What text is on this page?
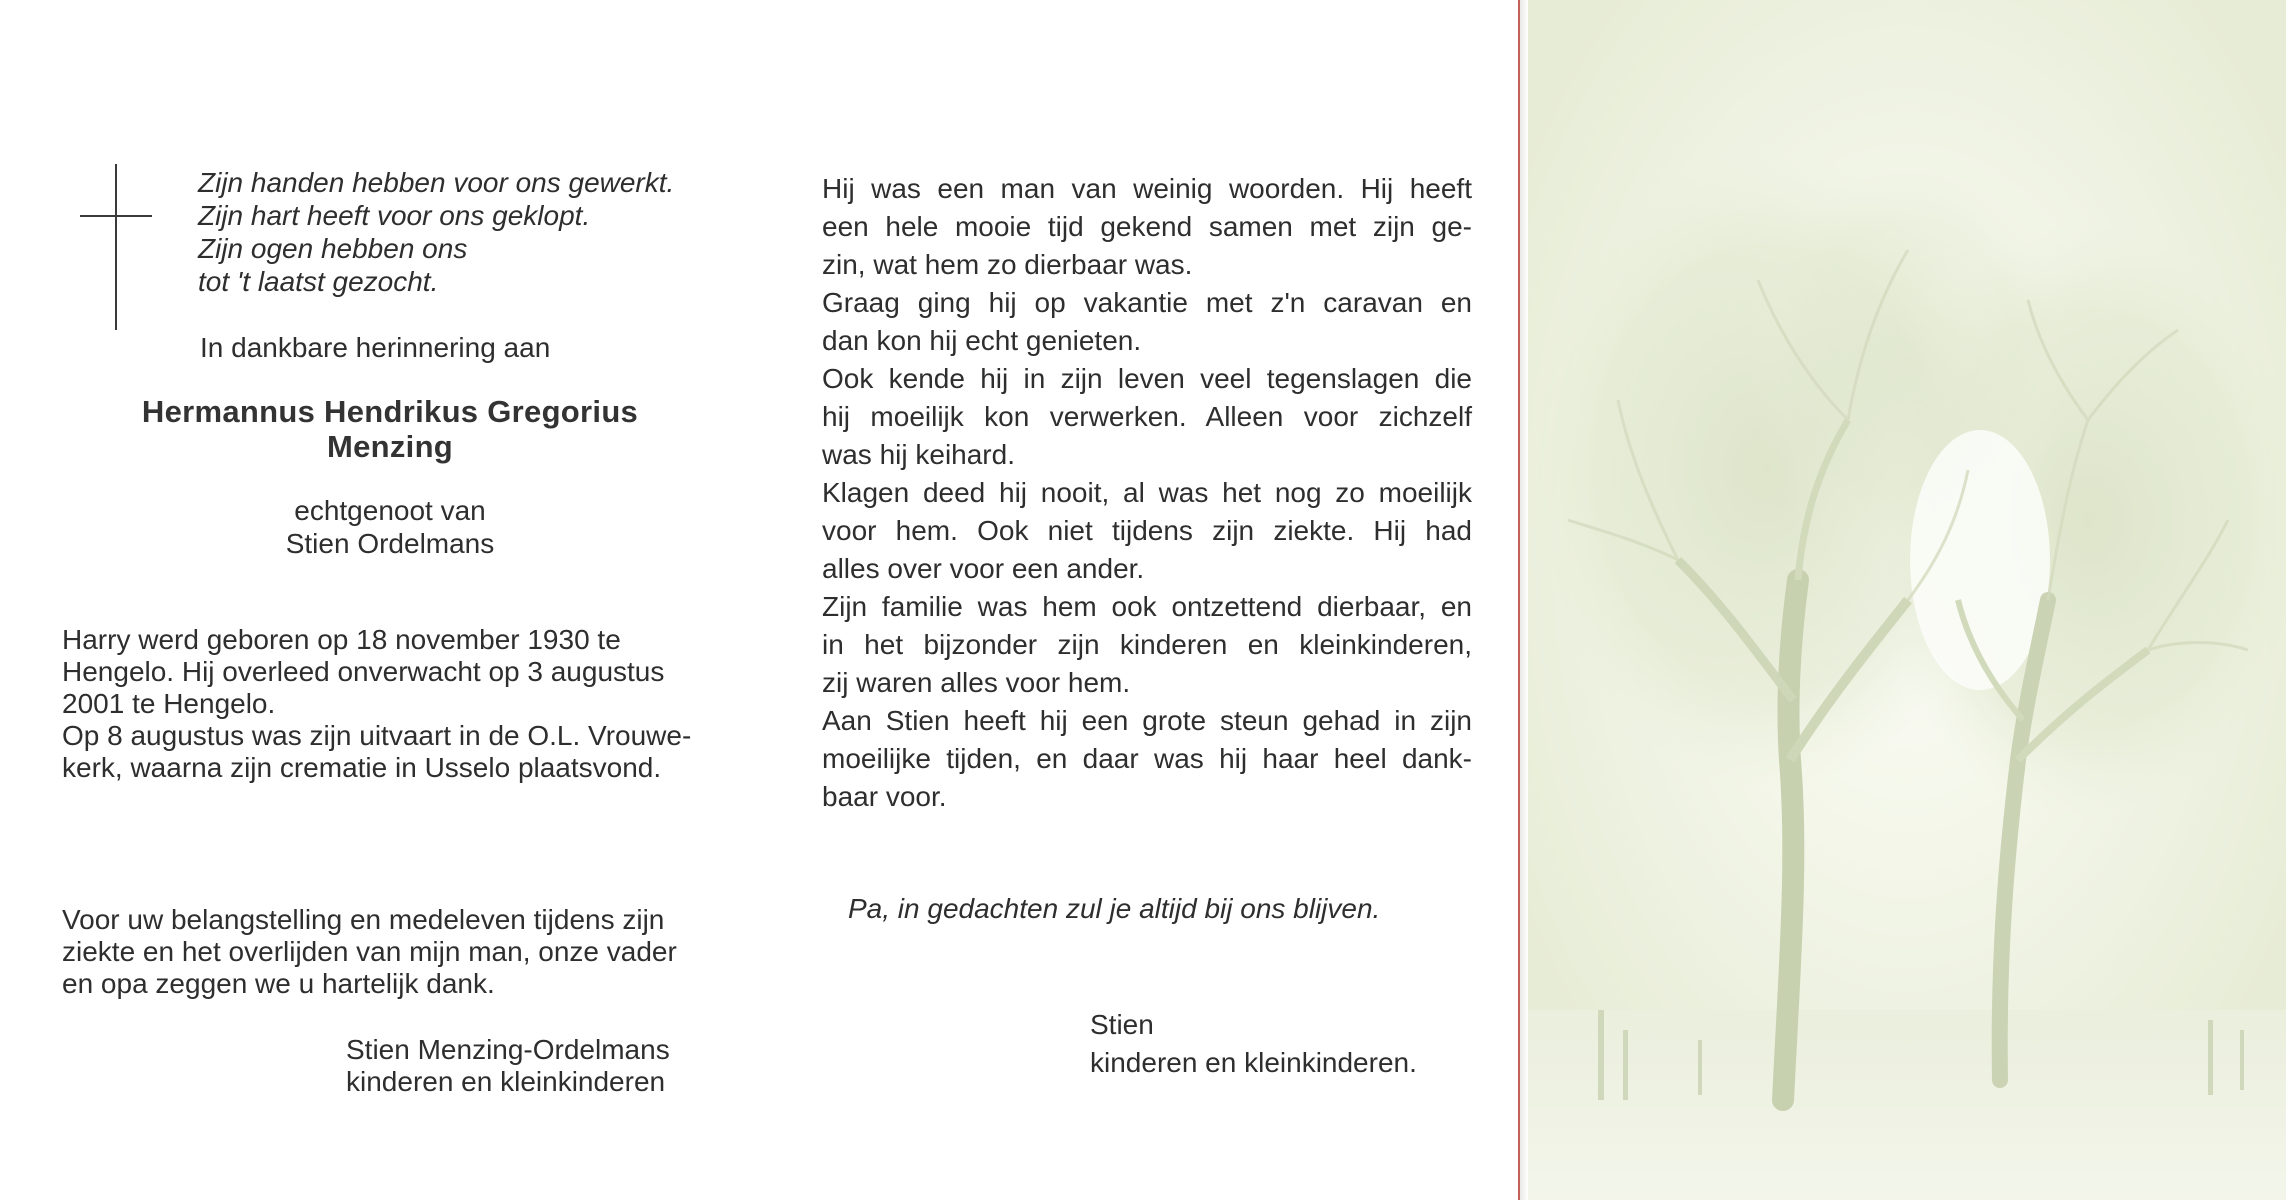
Zijn handen hebben voor ons gewerkt.
Zijn hart heeft voor ons geklopt.
Zijn ogen hebben ons
tot 't laatst gezocht.
In dankbare herinnering aan
Hermannus Hendrikus Gregorius
Menzing
echtgenoot van
Stien Ordelmans
Harry werd geboren op 18 november 1930 te
Hengelo. Hij overleed onverwacht op 3 augustus
2001 te Hengelo.
Op 8 augustus was zijn uitvaart in de O.L. Vrouwe-
kerk, waarna zijn crematie in Usselo plaatsvond.
Voor uw belangstelling en medeleven tijdens zijn
ziekte en het overlijden van mijn man, onze vader
en opa zeggen we u hartelijk dank.
Stien Menzing-Ordelmans
kinderen en kleinkinderen
Hij was een man van weinig woorden. Hij heeft
een hele mooie tijd gekend samen met zijn ge-
zin, wat hem zo dierbaar was.
Graag ging hij op vakantie met z'n caravan en
dan kon hij echt genieten.
Ook kende hij in zijn leven veel tegenslagen die
hij moeilijk kon verwerken. Alleen voor zichzelf
was hij keihard.
Klagen deed hij nooit, al was het nog zo moeilijk
voor hem. Ook niet tijdens zijn ziekte. Hij had
alles over voor een ander.
Zijn familie was hem ook ontzettend dierbaar, en
in het bijzonder zijn kinderen en kleinkinderen,
zij waren alles voor hem.
Aan Stien heeft hij een grote steun gehad in zijn
moeilijke tijden, en daar was hij haar heel dank-
baar voor.
Pa, in gedachten zul je altijd bij ons blijven.
Stien
kinderen en kleinkinderen.
